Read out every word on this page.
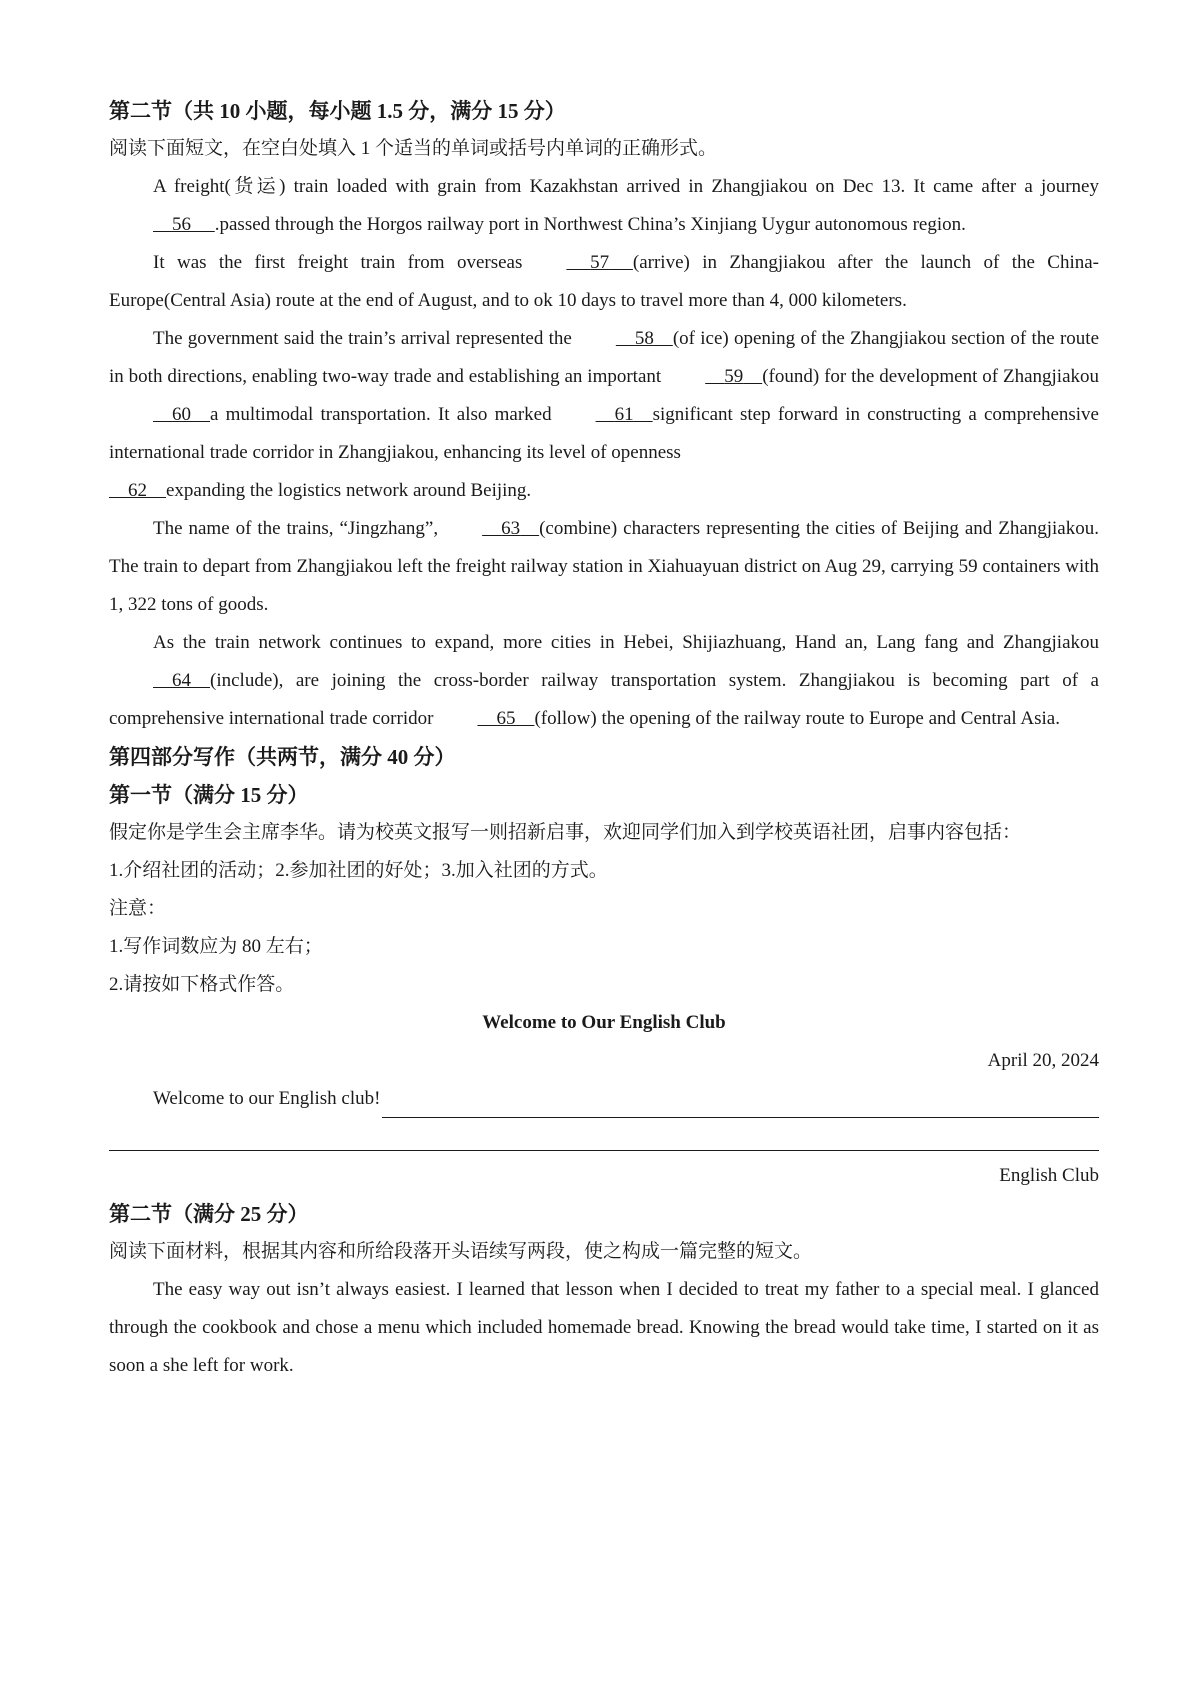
第二节（共 10 小题，每小题 1.5 分，满分 15 分）

阅读下面短文，在空白处填入 1 个适当的单词或括号内单词的正确形式。

A freight(货运) train loaded with grain from Kazakhstan arrived in Zhangjiakou on Dec 13. It came after a journey    56 .passed through the Horgos railway port in Northwest China’s Xinjiang Uygur autonomous region.

It was the first freight train from overseas	57 (arrive) in Zhangjiakou after the launch of the China-Europe(Central Asia) route at the end of August, and to ok 10 days to travel more than 4, 000 kilometers.

The government said the train’s arrival represented the	58 (of ice) opening of the Zhangjiakou section of the route in both directions, enabling two-way trade and establishing an important	59 (found) for the development of Zhangjiakou    60 a multimodal transportation. It also marked	61 significant step forward in constructing a comprehensive international trade corridor in Zhangjiakou, enhancing its level of openness

62 expanding the logistics network around Beijing.

The name of the trains, “Jingzhang”,	63 (combine) characters representing the cities of Beijing and Zhangjiakou. The train to depart from Zhangjiakou left the freight railway station in Xiahuayuan district on Aug 29, carrying 59 containers with 1, 322 tons of goods.

As the train network continues to expand, more cities in Hebei, Shijiazhuang, Hand an, Lang fang and Zhangjiakou    64 (include), are joining the cross-border railway transportation system. Zhangjiakou is becoming part of a comprehensive international trade corridor	65 (follow) the opening of the railway route to Europe and Central Asia.

第四部分写作（共两节，满分 40 分）
第一节（满分 15 分）

假定你是学生会主席李华。请为校英文报写一则招新启事，欢迎同学们加入到学校英语社团，启事内容包括：

1.介绍社团的活动；2.参加社团的好处；3.加入社团的方式。

注意：

1.写作词数应为 80 左右；

2.请按如下格式作答。

Welcome to Our English Club
April 20, 2024
Welcome to our English club!
English Club
第二节（满分 25 分）

阅读下面材料，根据其内容和所给段落开头语续写两段，使之构成一篇完整的短文。

The easy way out isn’t always easiest. I learned that lesson when I decided to treat my father to a special meal. I glanced through the cookbook and chose a menu which included homemade bread. Knowing the bread would take time, I started on it as soon a she left for work.
